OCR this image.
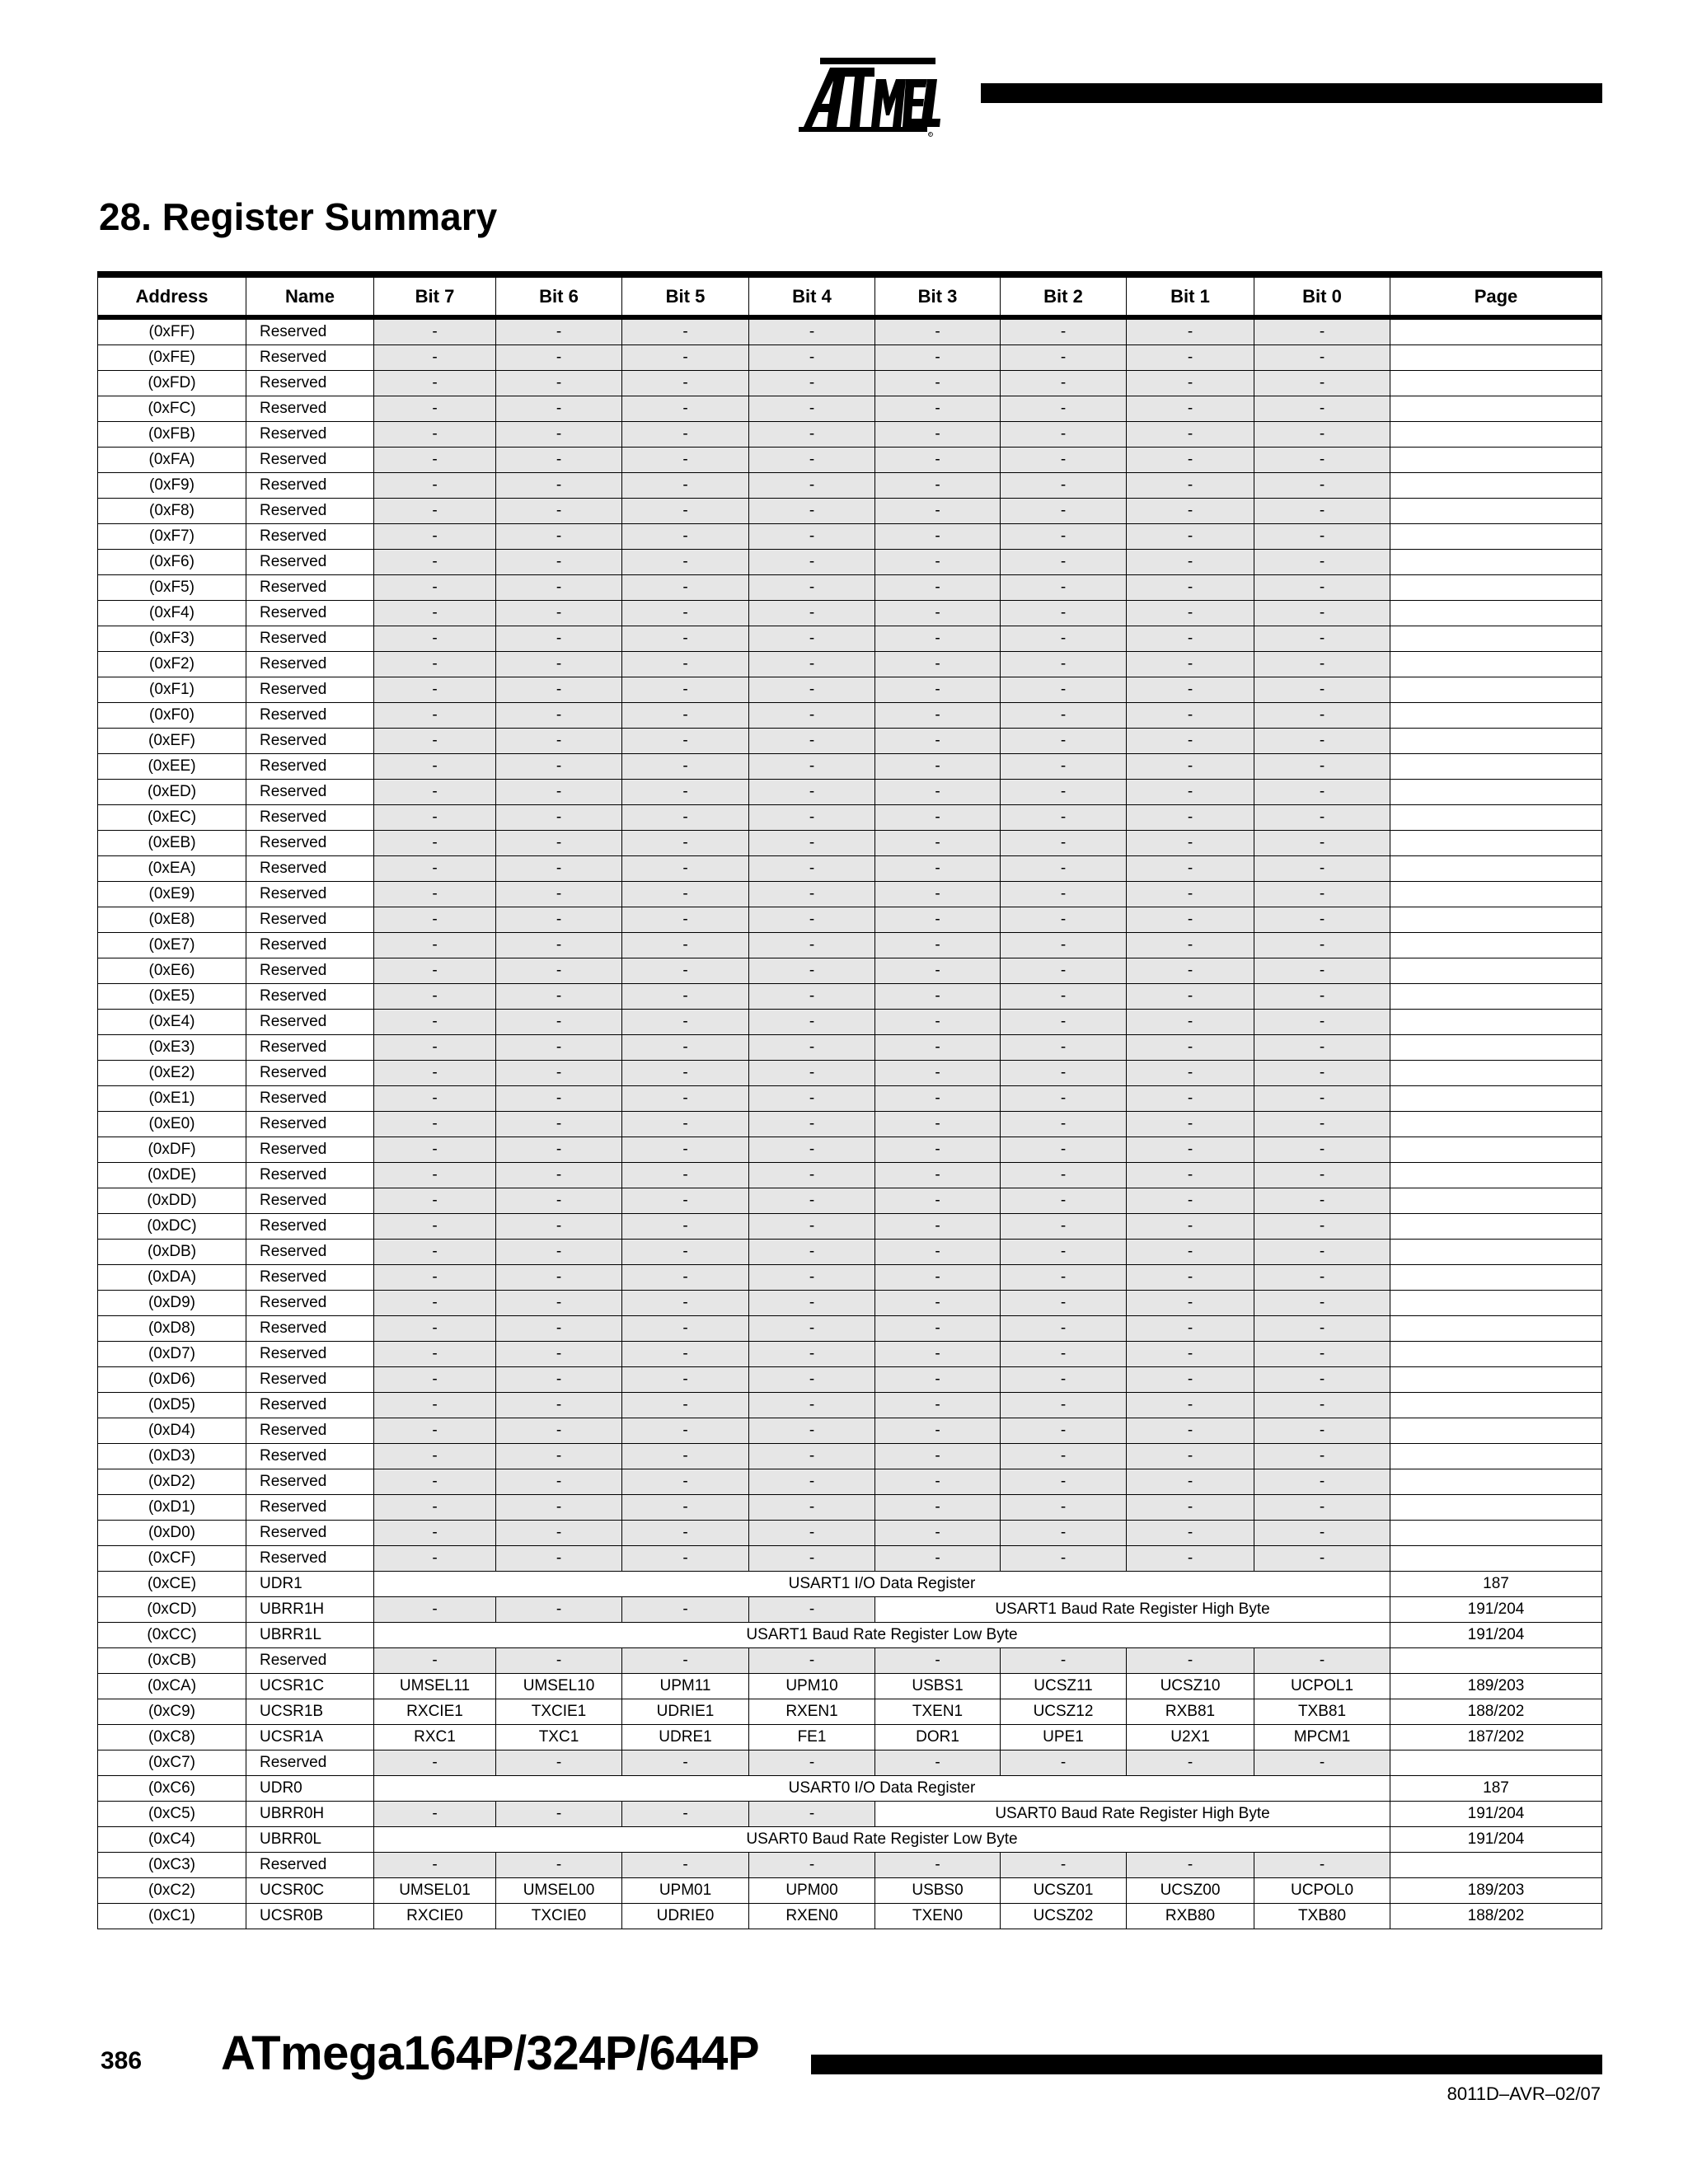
®
28. Register Summary
Address	Name	Bit 7	Bit 6	Bit 5	Bit 4	Bit 3	Bit 2	Bit 1	Bit 0	Page
(0xFF)	Reserved	-	-	-	-	-	-	-	-	
(0xFE)	Reserved	-	-	-	-	-	-	-	-	
(0xFD)	Reserved	-	-	-	-	-	-	-	-	
(0xFC)	Reserved	-	-	-	-	-	-	-	-	
(0xFB)	Reserved	-	-	-	-	-	-	-	-	
(0xFA)	Reserved	-	-	-	-	-	-	-	-	
(0xF9)	Reserved	-	-	-	-	-	-	-	-	
(0xF8)	Reserved	-	-	-	-	-	-	-	-	
(0xF7)	Reserved	-	-	-	-	-	-	-	-	
(0xF6)	Reserved	-	-	-	-	-	-	-	-	
(0xF5)	Reserved	-	-	-	-	-	-	-	-	
(0xF4)	Reserved	-	-	-	-	-	-	-	-	
(0xF3)	Reserved	-	-	-	-	-	-	-	-	
(0xF2)	Reserved	-	-	-	-	-	-	-	-	
(0xF1)	Reserved	-	-	-	-	-	-	-	-	
(0xF0)	Reserved	-	-	-	-	-	-	-	-	
(0xEF)	Reserved	-	-	-	-	-	-	-	-	
(0xEE)	Reserved	-	-	-	-	-	-	-	-	
(0xED)	Reserved	-	-	-	-	-	-	-	-	
(0xEC)	Reserved	-	-	-	-	-	-	-	-	
(0xEB)	Reserved	-	-	-	-	-	-	-	-	
(0xEA)	Reserved	-	-	-	-	-	-	-	-	
(0xE9)	Reserved	-	-	-	-	-	-	-	-	
(0xE8)	Reserved	-	-	-	-	-	-	-	-	
(0xE7)	Reserved	-	-	-	-	-	-	-	-	
(0xE6)	Reserved	-	-	-	-	-	-	-	-	
(0xE5)	Reserved	-	-	-	-	-	-	-	-	
(0xE4)	Reserved	-	-	-	-	-	-	-	-	
(0xE3)	Reserved	-	-	-	-	-	-	-	-	
(0xE2)	Reserved	-	-	-	-	-	-	-	-	
(0xE1)	Reserved	-	-	-	-	-	-	-	-	
(0xE0)	Reserved	-	-	-	-	-	-	-	-	
(0xDF)	Reserved	-	-	-	-	-	-	-	-	
(0xDE)	Reserved	-	-	-	-	-	-	-	-	
(0xDD)	Reserved	-	-	-	-	-	-	-	-	
(0xDC)	Reserved	-	-	-	-	-	-	-	-	
(0xDB)	Reserved	-	-	-	-	-	-	-	-	
(0xDA)	Reserved	-	-	-	-	-	-	-	-	
(0xD9)	Reserved	-	-	-	-	-	-	-	-	
(0xD8)	Reserved	-	-	-	-	-	-	-	-	
(0xD7)	Reserved	-	-	-	-	-	-	-	-	
(0xD6)	Reserved	-	-	-	-	-	-	-	-	
(0xD5)	Reserved	-	-	-	-	-	-	-	-	
(0xD4)	Reserved	-	-	-	-	-	-	-	-	
(0xD3)	Reserved	-	-	-	-	-	-	-	-	
(0xD2)	Reserved	-	-	-	-	-	-	-	-	
(0xD1)	Reserved	-	-	-	-	-	-	-	-	
(0xD0)	Reserved	-	-	-	-	-	-	-	-	
(0xCF)	Reserved	-	-	-	-	-	-	-	-	
(0xCE)	UDR1	USART1 I/O Data Register								187
(0xCD)	UBRR1H	-	-	-	-	USART1 Baud Rate Register High Byte				191/204
(0xCC)	UBRR1L	USART1 Baud Rate Register Low Byte								191/204
(0xCB)	Reserved	-	-	-	-	-	-	-	-	
(0xCA)	UCSR1C	UMSEL11	UMSEL10	UPM11	UPM10	USBS1	UCSZ11	UCSZ10	UCPOL1	189/203
(0xC9)	UCSR1B	RXCIE1	TXCIE1	UDRIE1	RXEN1	TXEN1	UCSZ12	RXB81	TXB81	188/202
(0xC8)	UCSR1A	RXC1	TXC1	UDRE1	FE1	DOR1	UPE1	U2X1	MPCM1	187/202
(0xC7)	Reserved	-	-	-	-	-	-	-	-	
(0xC6)	UDR0	USART0 I/O Data Register								187
(0xC5)	UBRR0H	-	-	-	-	USART0 Baud Rate Register High Byte				191/204
(0xC4)	UBRR0L	USART0 Baud Rate Register Low Byte								191/204
(0xC3)	Reserved	-	-	-	-	-	-	-	-	
(0xC2)	UCSR0C	UMSEL01	UMSEL00	UPM01	UPM00	USBS0	UCSZ01	UCSZ00	UCPOL0	189/203
(0xC1)	UCSR0B	RXCIE0	TXCIE0	UDRIE0	RXEN0	TXEN0	UCSZ02	RXB80	TXB80	188/202
386 ATmega164P/324P/644P
8011D–AVR–02/07
